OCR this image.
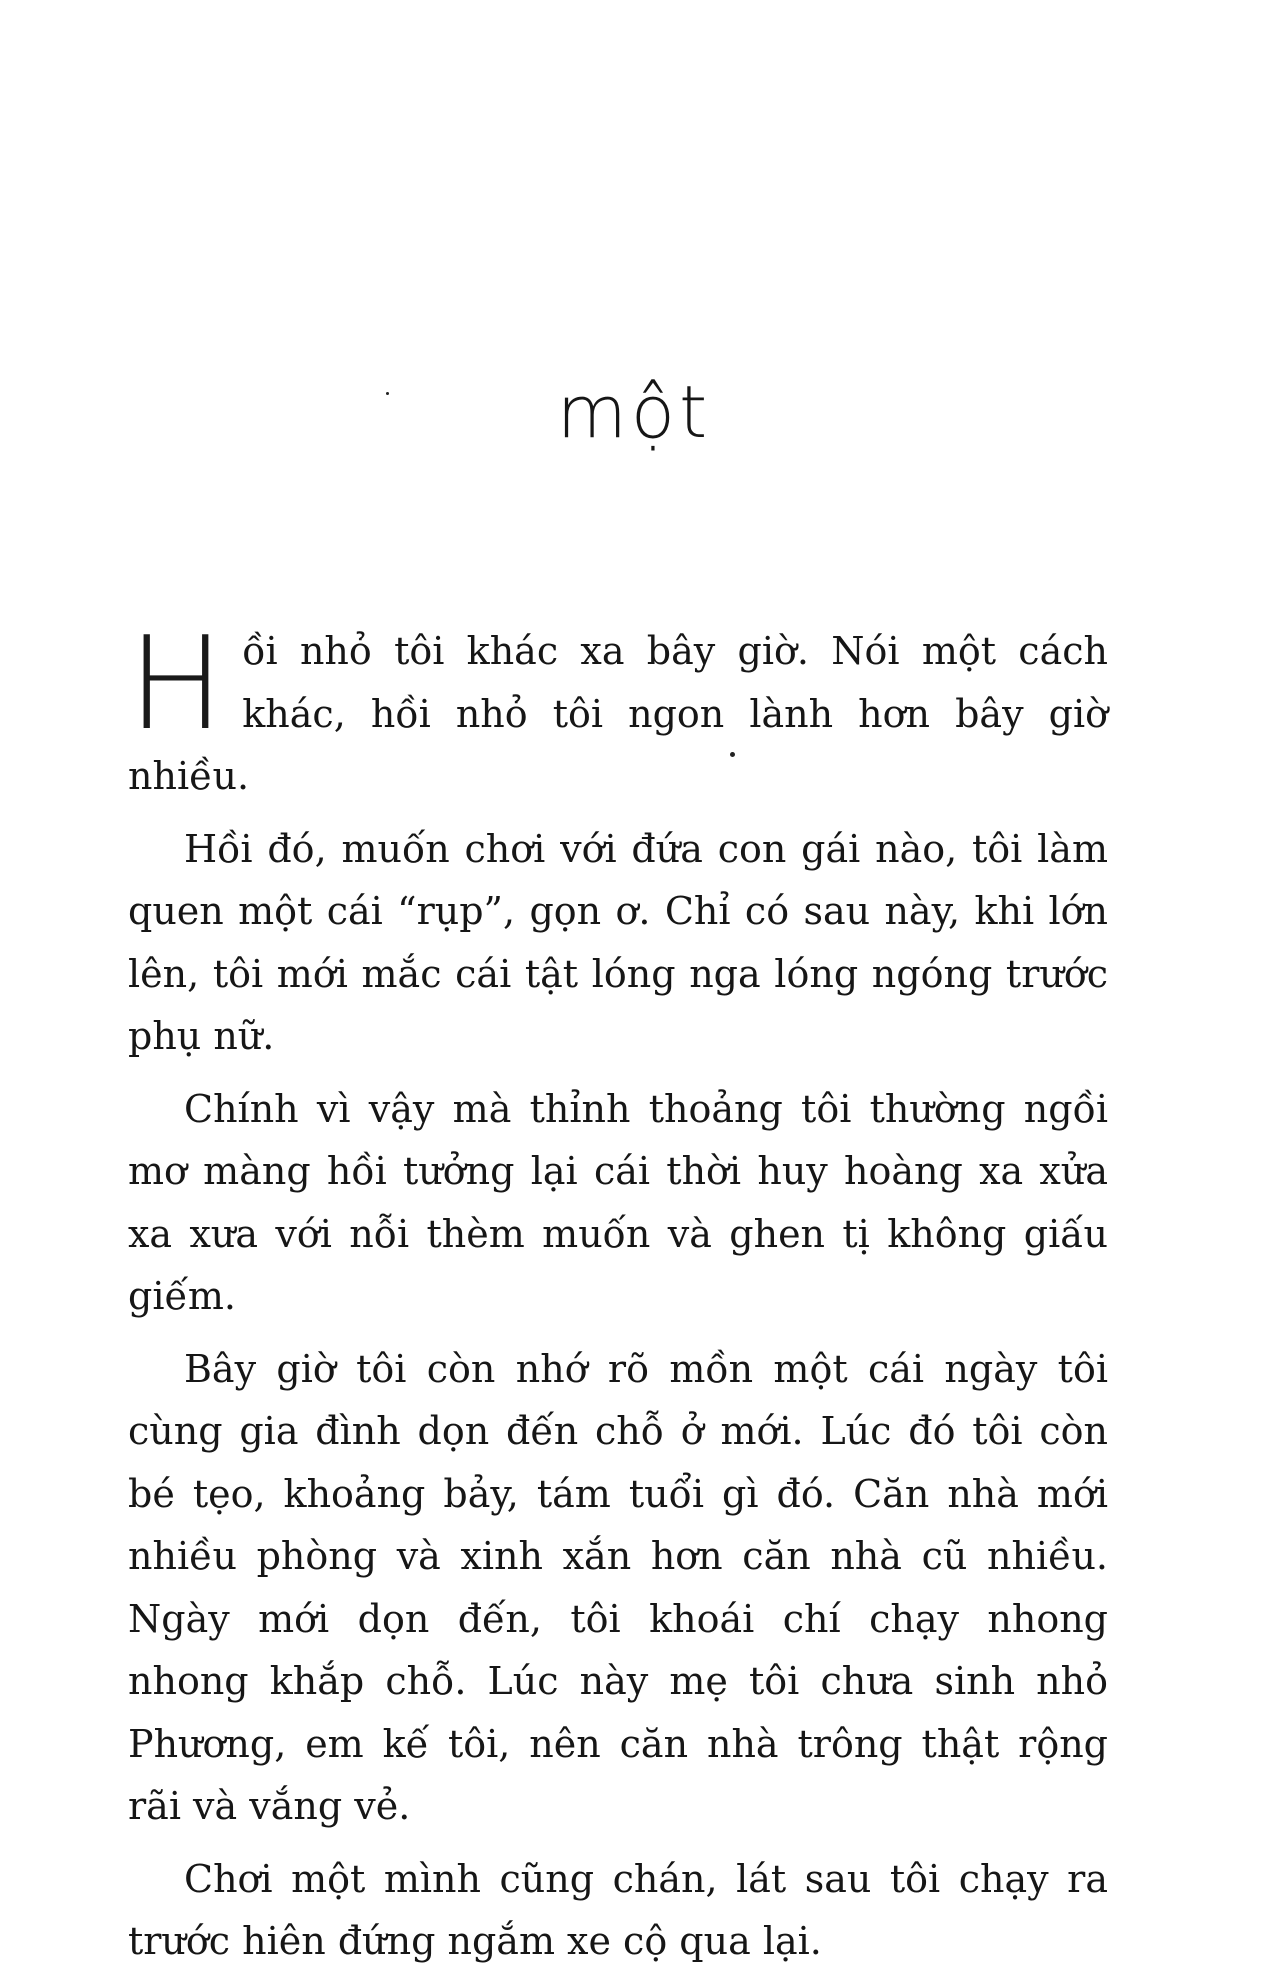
một

Hồi nhỏ tôi khác xa bây giờ. Nói một cách khác, hồi nhỏ tôi ngon lành hơn bây giờ nhiều.

Hồi đó, muốn chơi với đứa con gái nào, tôi làm quen một cái “rụp”, gọn ơ. Chỉ có sau này, khi lớn lên, tôi mới mắc cái tật lóng nga lóng ngóng trước phụ nữ.

Chính vì vậy mà thỉnh thoảng tôi thường ngồi mơ màng hồi tưởng lại cái thời huy hoàng xa xửa xa xưa với nỗi thèm muốn và ghen tị không giấu giếm.

Bây giờ tôi còn nhớ rõ mồn một cái ngày tôi cùng gia đình dọn đến chỗ ở mới. Lúc đó tôi còn bé tẹo, khoảng bảy, tám tuổi gì đó. Căn nhà mới nhiều phòng và xinh xắn hơn căn nhà cũ nhiều. Ngày mới dọn đến, tôi khoái chí chạy nhong nhong khắp chỗ. Lúc này mẹ tôi chưa sinh nhỏ Phương, em kế tôi, nên căn nhà trông thật rộng rãi và vắng vẻ.

Chơi một mình cũng chán, lát sau tôi chạy ra trước hiên đứng ngắm xe cộ qua lại.
